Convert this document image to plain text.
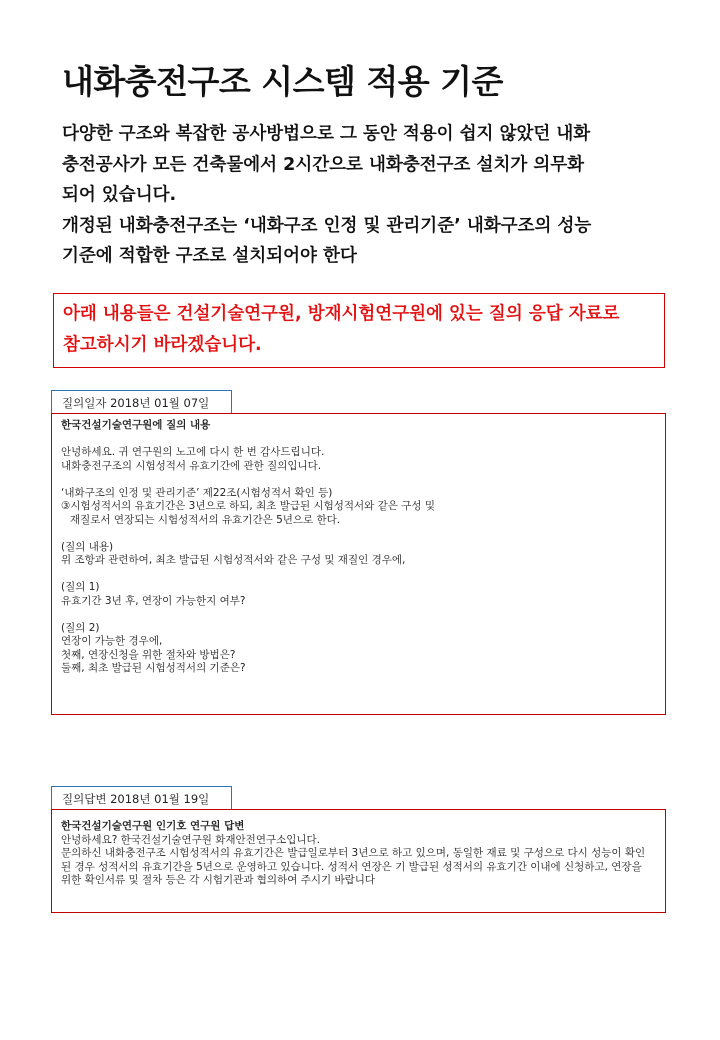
내화충전구조 시스템 적용 기준

다양한 구조와 복잡한 공사방법으로 그 동안 적용이 쉽지 않았던 내화

충전공사가 모든 건축물에서 2시간으로 내화충전구조 설치가 의무화

되어 있습니다.

개정된 내화충전구조는 ‘내화구조 인정 및 관리기준’ 내화구조의 성능

기준에 적합한 구조로 설치되어야 한다

아래 내용들은 건설기술연구원, 방재시험연구원에 있는 질의 응답 자료로

참고하시기 바라겠습니다.

질의일자 2018년 01월 07일

한국건설기술연구원에 질의 내용

안녕하세요. 귀 연구원의 노고에 다시 한 번 감사드립니다.

내화충전구조의 시험성적서 유효기간에 관한 질의입니다.

‘내화구조의 인정 및 관리기준’ 제22조(시험성적서 확인 등)

③시험성적서의 유효기간은 3년으로 하되, 최초 발급된 시험성적서와 같은 구성 및

재질로서 연장되는 시험성적서의 유효기간은 5년으로 한다.

(질의 내용)

위 조항과 관련하여, 최초 발급된 시험성적서와 같은 구성 및 재질인 경우에,

(질의 1)

유효기간 3년 후, 연장이 가능한지 여부?

(질의 2)

연장이 가능한 경우에,

첫째, 연장신청을 위한 절차와 방법은?

둘째, 최초 발급된 시험성적서의 기준은?

질의답변 2018년 01월 19일

한국건설기술연구원 인기호 연구원 답변

안녕하세요? 한국건설기술연구원 화재안전연구소입니다.

문의하신 내화충전구조 시험성적서의 유효기간은 발급일로부터 3년으로 하고 있으며, 동일한 재료 및 구성으로 다시 성능이 확인 된 경우 성적서의 유효기간을 5년으로 운영하고 있습니다. 성적서 연장은 기 발급된 성적서의 유효기간 이내에 신청하고, 연장을 위한 확인서류 및 절차 등은 각 시험기관과 협의하여 주시기 바랍니다
